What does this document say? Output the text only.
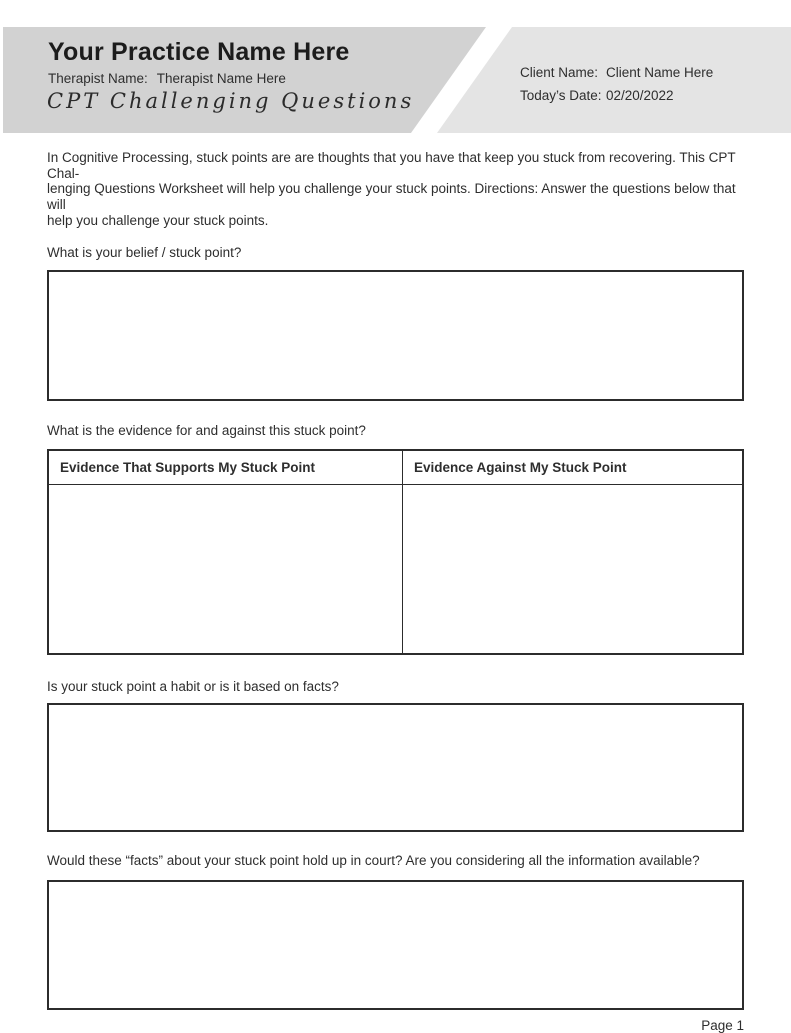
Your Practice Name Here
Therapist Name: Therapist Name Here
CPT Challenging Questions
Client Name: Client Name Here
Today’s Date: 02/20/2022
In Cognitive Processing, stuck points are are thoughts that you have that keep you stuck from recovering. This CPT Chal-
lenging Questions Worksheet will help you challenge your stuck points. Directions: Answer the questions below that will
help you challenge your stuck points.
What is your belief / stuck point?
What is the evidence for and against this stuck point?
Evidence That Supports My Stuck Point	Evidence Against My Stuck Point

Is your stuck point a habit or is it based on facts?
Would these “facts” about your stuck point hold up in court? Are you considering all the information available?
Page 1
